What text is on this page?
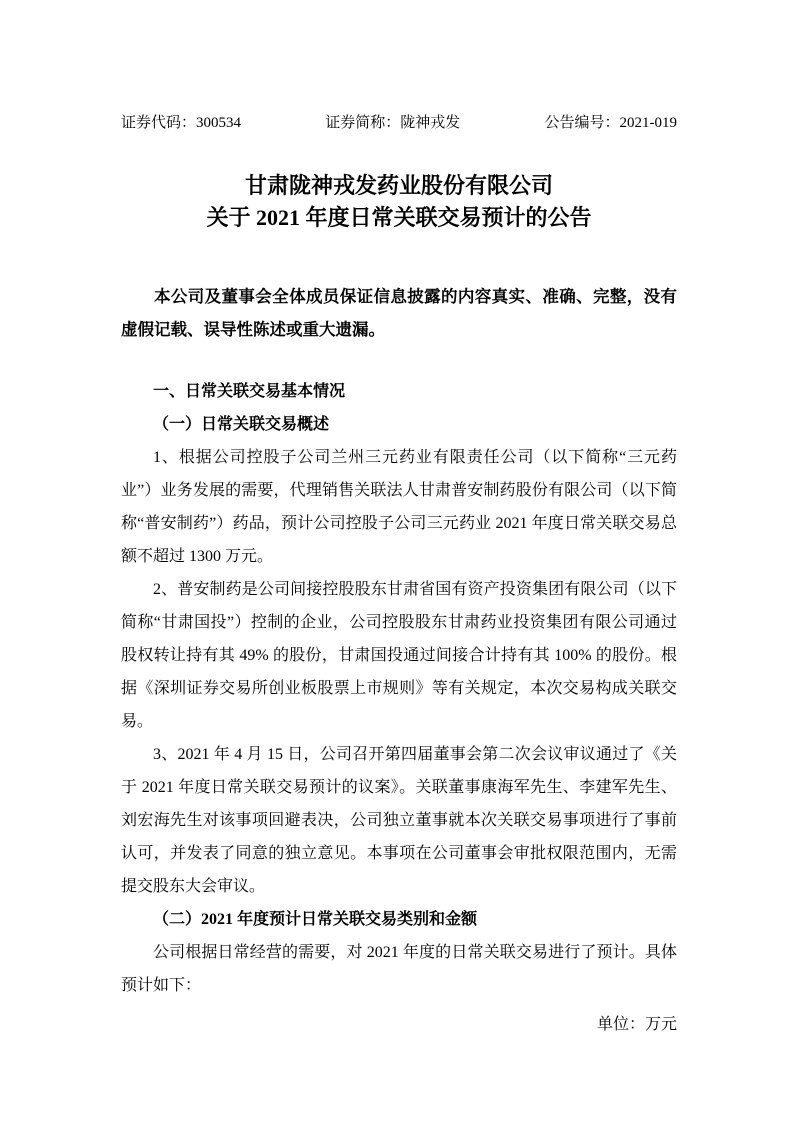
证券代码：300534	证券简称：陇神戎发	公告编号：2021-019
甘肃陇神戎发药业股份有限公司
关于 2021 年度日常关联交易预计的公告

本公司及董事会全体成员保证信息披露的内容真实、准确、完整，没有虚假记载、误导性陈述或重大遗漏。

一、日常关联交易基本情况

（一）日常关联交易概述

1、根据公司控股子公司兰州三元药业有限责任公司（以下简称“三元药业”）业务发展的需要，代理销售关联法人甘肃普安制药股份有限公司（以下简称“普安制药”）药品，预计公司控股子公司三元药业 2021 年度日常关联交易总额不超过 1300 万元。

2、普安制药是公司间接控股股东甘肃省国有资产投资集团有限公司（以下简称“甘肃国投”）控制的企业，公司控股股东甘肃药业投资集团有限公司通过股权转让持有其 49% 的股份，甘肃国投通过间接合计持有其 100% 的股份。根据《深圳证券交易所创业板股票上市规则》等有关规定，本次交易构成关联交易。

3、2021 年 4 月 15 日，公司召开第四届董事会第二次会议审议通过了《关于 2021 年度日常关联交易预计的议案》。关联董事康海军先生、李建军先生、刘宏海先生对该事项回避表决，公司独立董事就本次关联交易事项进行了事前认可，并发表了同意的独立意见。本事项在公司董事会审批权限范围内，无需提交股东大会审议。

（二）2021 年度预计日常关联交易类别和金额

公司根据日常经营的需要，对 2021 年度的日常关联交易进行了预计。具体预计如下：

单位：万元
